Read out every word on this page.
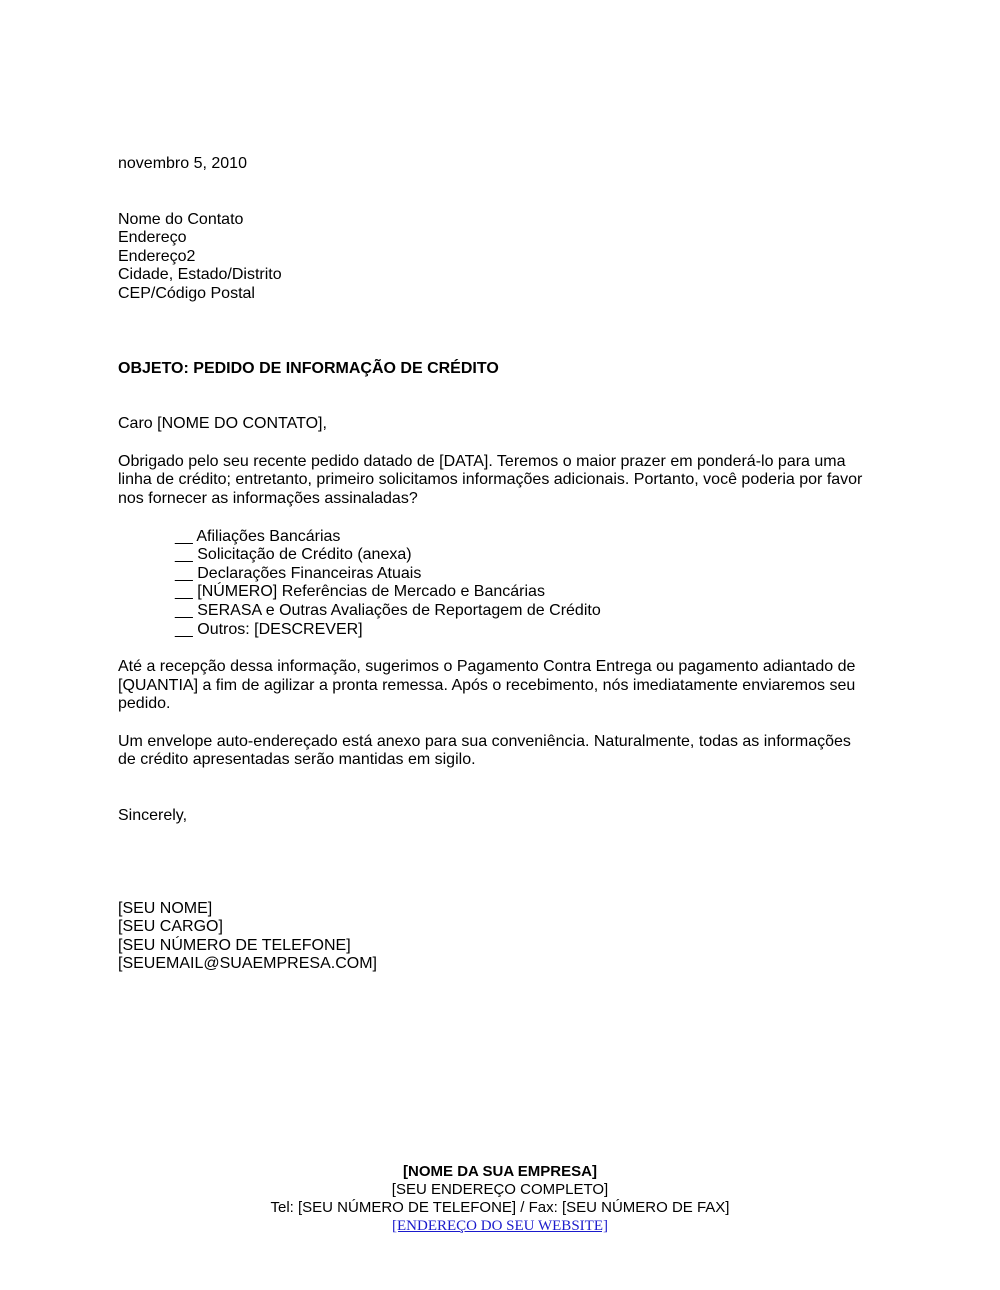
novembro 5, 2010
Nome do Contato
Endereço
Endereço2
Cidade, Estado/Distrito
CEP/Código Postal
OBJETO: PEDIDO DE INFORMAÇÃO DE CRÉDITO
Caro [NOME DO CONTATO],
Obrigado pelo seu recente pedido datado de [DATA]. Teremos o maior prazer em ponderá-lo para uma
linha de crédito; entretanto, primeiro solicitamos informações adicionais. Portanto, você poderia por favor
nos fornecer as informações assinaladas?
__ Afiliações Bancárias
__ Solicitação de Crédito (anexa)
__ Declarações Financeiras Atuais
__ [NÚMERO] Referências de Mercado e Bancárias
__ SERASA e Outras Avaliações de Reportagem de Crédito
__ Outros: [DESCREVER]
Até a recepção dessa informação, sugerimos o Pagamento Contra Entrega ou pagamento adiantado de
[QUANTIA] a fim de agilizar a pronta remessa. Após o recebimento, nós imediatamente enviaremos seu
pedido.
Um envelope auto-endereçado está anexo para sua conveniência. Naturalmente, todas as informações
de crédito apresentadas serão mantidas em sigilo.
Sincerely,
[SEU NOME]
[SEU CARGO]
[SEU NÚMERO DE TELEFONE]
[SEUEMAIL@SUAEMPRESA.COM]
[NOME DA SUA EMPRESA]
[SEU ENDEREÇO COMPLETO]
Tel: [SEU NÚMERO DE TELEFONE] / Fax: [SEU NÚMERO DE FAX]
[ENDEREÇO DO SEU WEBSITE]
